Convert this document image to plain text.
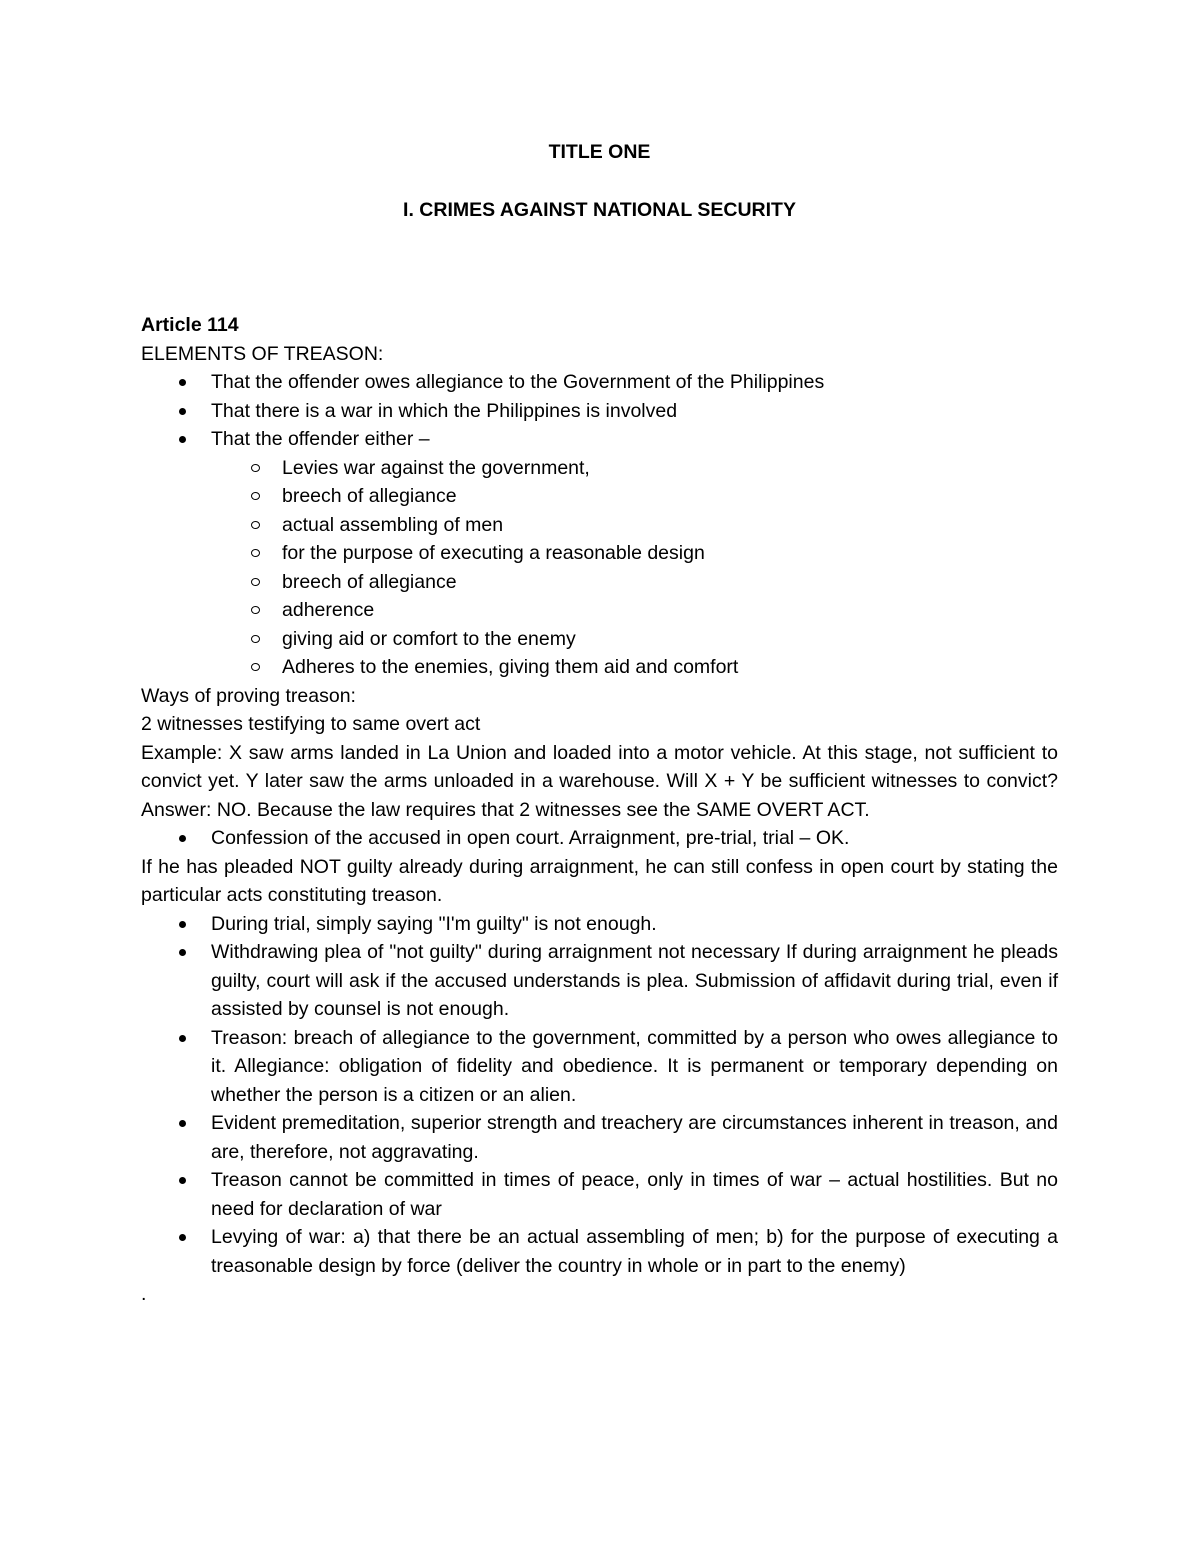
TITLE ONE
I. CRIMES AGAINST NATIONAL SECURITY

Article 114

ELEMENTS OF TREASON:

That the offender owes allegiance to the Government of the Philippines
That there is a war in which the Philippines is involved
That the offender either –
Levies war against the government,
breech of allegiance
actual assembling of men
for the purpose of executing a reasonable design
breech of allegiance
adherence
giving aid or comfort to the enemy
Adheres to the enemies, giving them aid and comfort

Ways of proving treason:

2 witnesses testifying to same overt act

Example: X saw arms landed in La Union and loaded into a motor vehicle. At this stage, not sufficient to convict yet. Y later saw the arms unloaded in a warehouse. Will X + Y be sufficient witnesses to convict? Answer: NO. Because the law requires that 2 witnesses see the SAME OVERT ACT.

Confession of the accused in open court. Arraignment, pre-trial, trial – OK.

If he has pleaded NOT guilty already during arraignment, he can still confess in open court by stating the particular acts constituting treason.

During trial, simply saying "I'm guilty" is not enough.
Withdrawing plea of "not guilty" during arraignment not necessary If during arraignment he pleads guilty, court will ask if the accused understands is plea. Submission of affidavit during trial, even if assisted by counsel is not enough.
Treason: breach of allegiance to the government, committed by a person who owes allegiance to it. Allegiance: obligation of fidelity and obedience. It is permanent or temporary depending on whether the person is a citizen or an alien.
Evident premeditation, superior strength and treachery are circumstances inherent in treason, and are, therefore, not aggravating.
Treason cannot be committed in times of peace, only in times of war – actual hostilities. But no need for declaration of war
Levying of war: a) that there be an actual assembling of men; b) for the purpose of executing a treasonable design by force (deliver the country in whole or in part to the enemy)

.
